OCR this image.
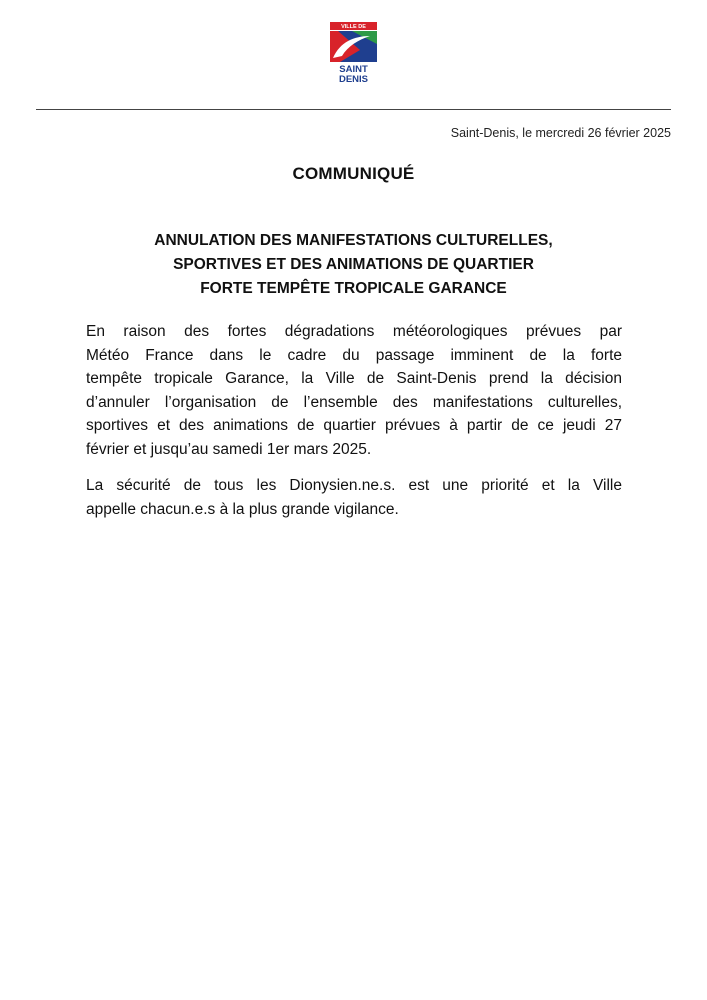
VILLE DE
SAINT
DENIS
Saint-Denis, le mercredi 26 février 2025
COMMUNIQUÉ
ANNULATION DES MANIFESTATIONS CULTURELLES,
SPORTIVES ET DES ANIMATIONS DE QUARTIER
FORTE TEMPÊTE TROPICALE GARANCE
En raison des fortes dégradations météorologiques prévues par
Météo France dans le cadre du passage imminent de la forte
tempête tropicale Garance, la Ville de Saint-Denis prend la décision
d’annuler l’organisation de l’ensemble des manifestations culturelles,
sportives et des animations de quartier prévues à partir de ce jeudi 27
février et jusqu’au samedi 1er mars 2025.
La sécurité de tous les Dionysien.ne.s. est une priorité et la Ville
appelle chacun.e.s à la plus grande vigilance.
